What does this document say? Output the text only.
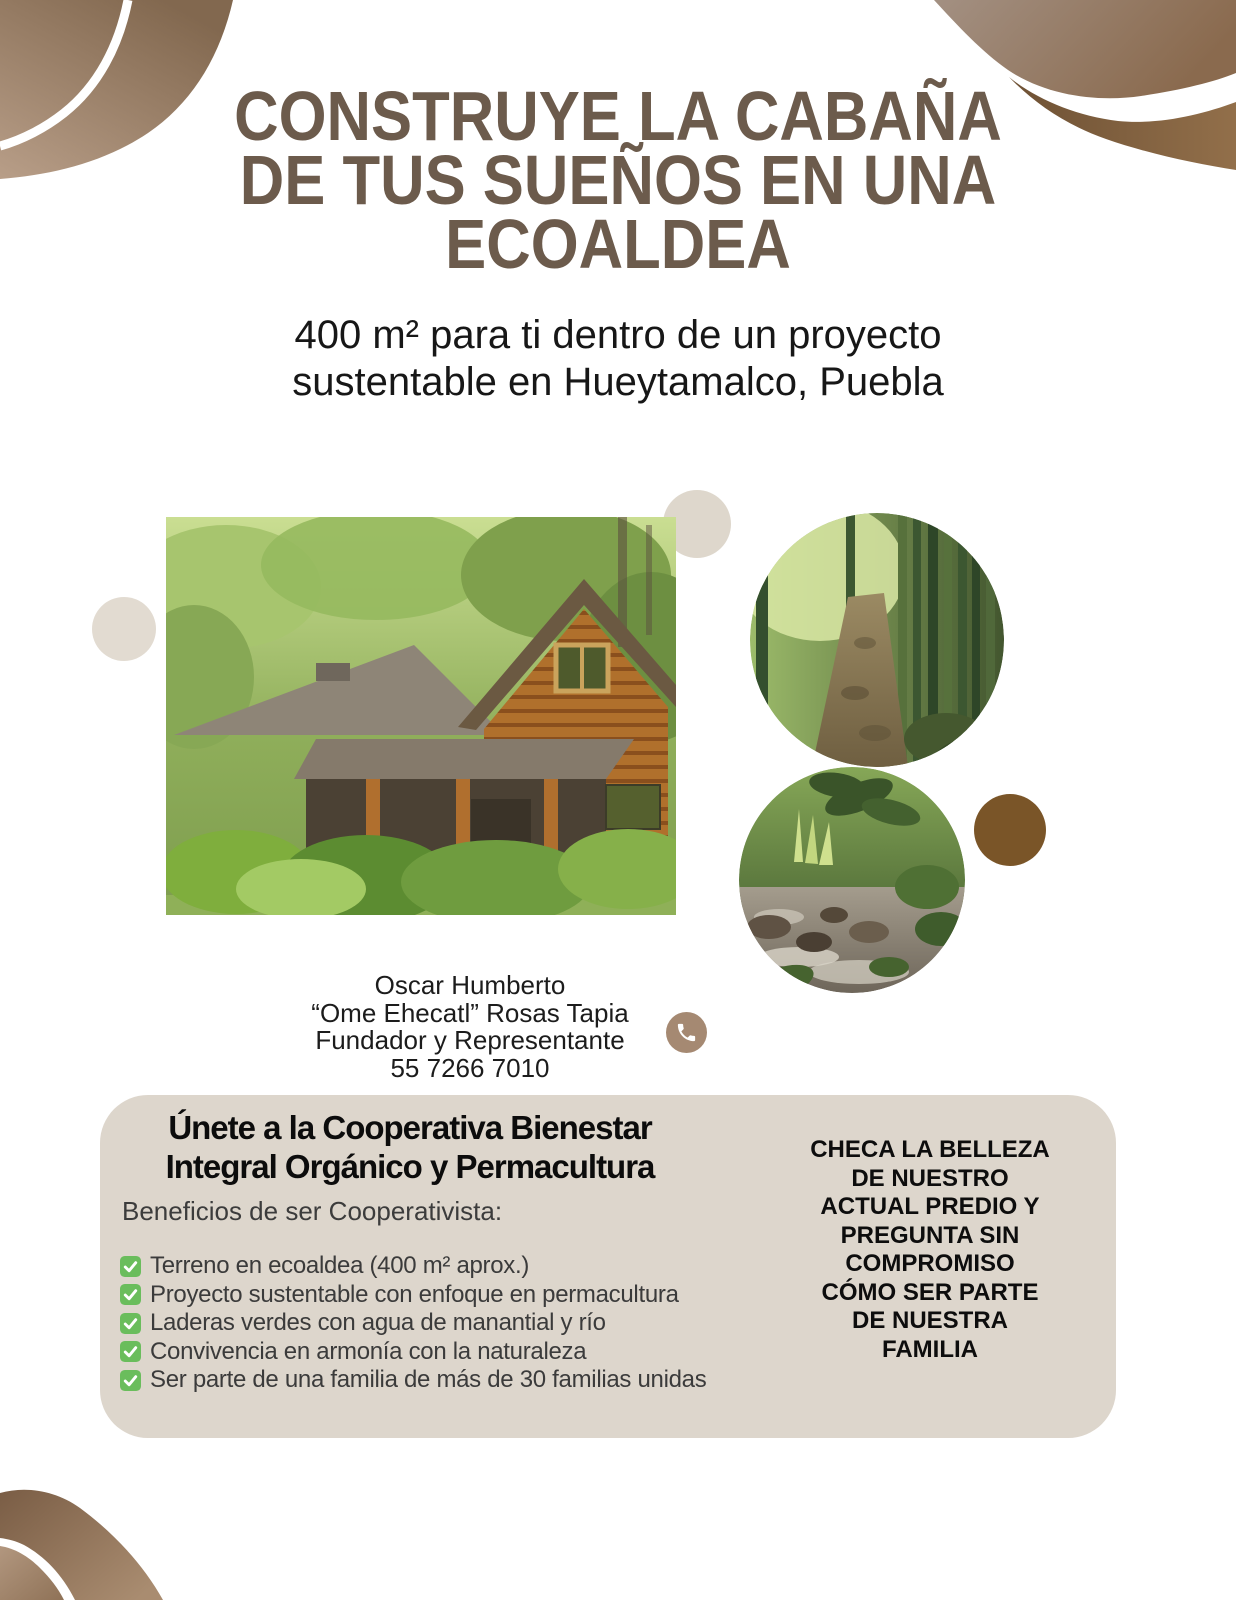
CONSTRUYE LA CABAÑA
DE TUS SUEÑOS EN UNA
ECOALDEA
400 m² para ti dentro de un proyecto
sustentable en Hueytamalco, Puebla
Oscar Humberto
“Ome Ehecatl” Rosas Tapia
Fundador y Representante
55 7266 7010
Únete a la Cooperativa Bienestar
Integral Orgánico y Permacultura
Beneficios de ser Cooperativista:
Terreno en ecoaldea (400 m² aprox.)
Proyecto sustentable con enfoque en permacultura
Laderas verdes con agua de manantial y río
Convivencia en armonía con la naturaleza
Ser parte de una familia de más de 30 familias unidas
CHECA LA BELLEZA
DE NUESTRO
ACTUAL PREDIO Y
PREGUNTA SIN
COMPROMISO
CÓMO SER PARTE
DE NUESTRA
FAMILIA
